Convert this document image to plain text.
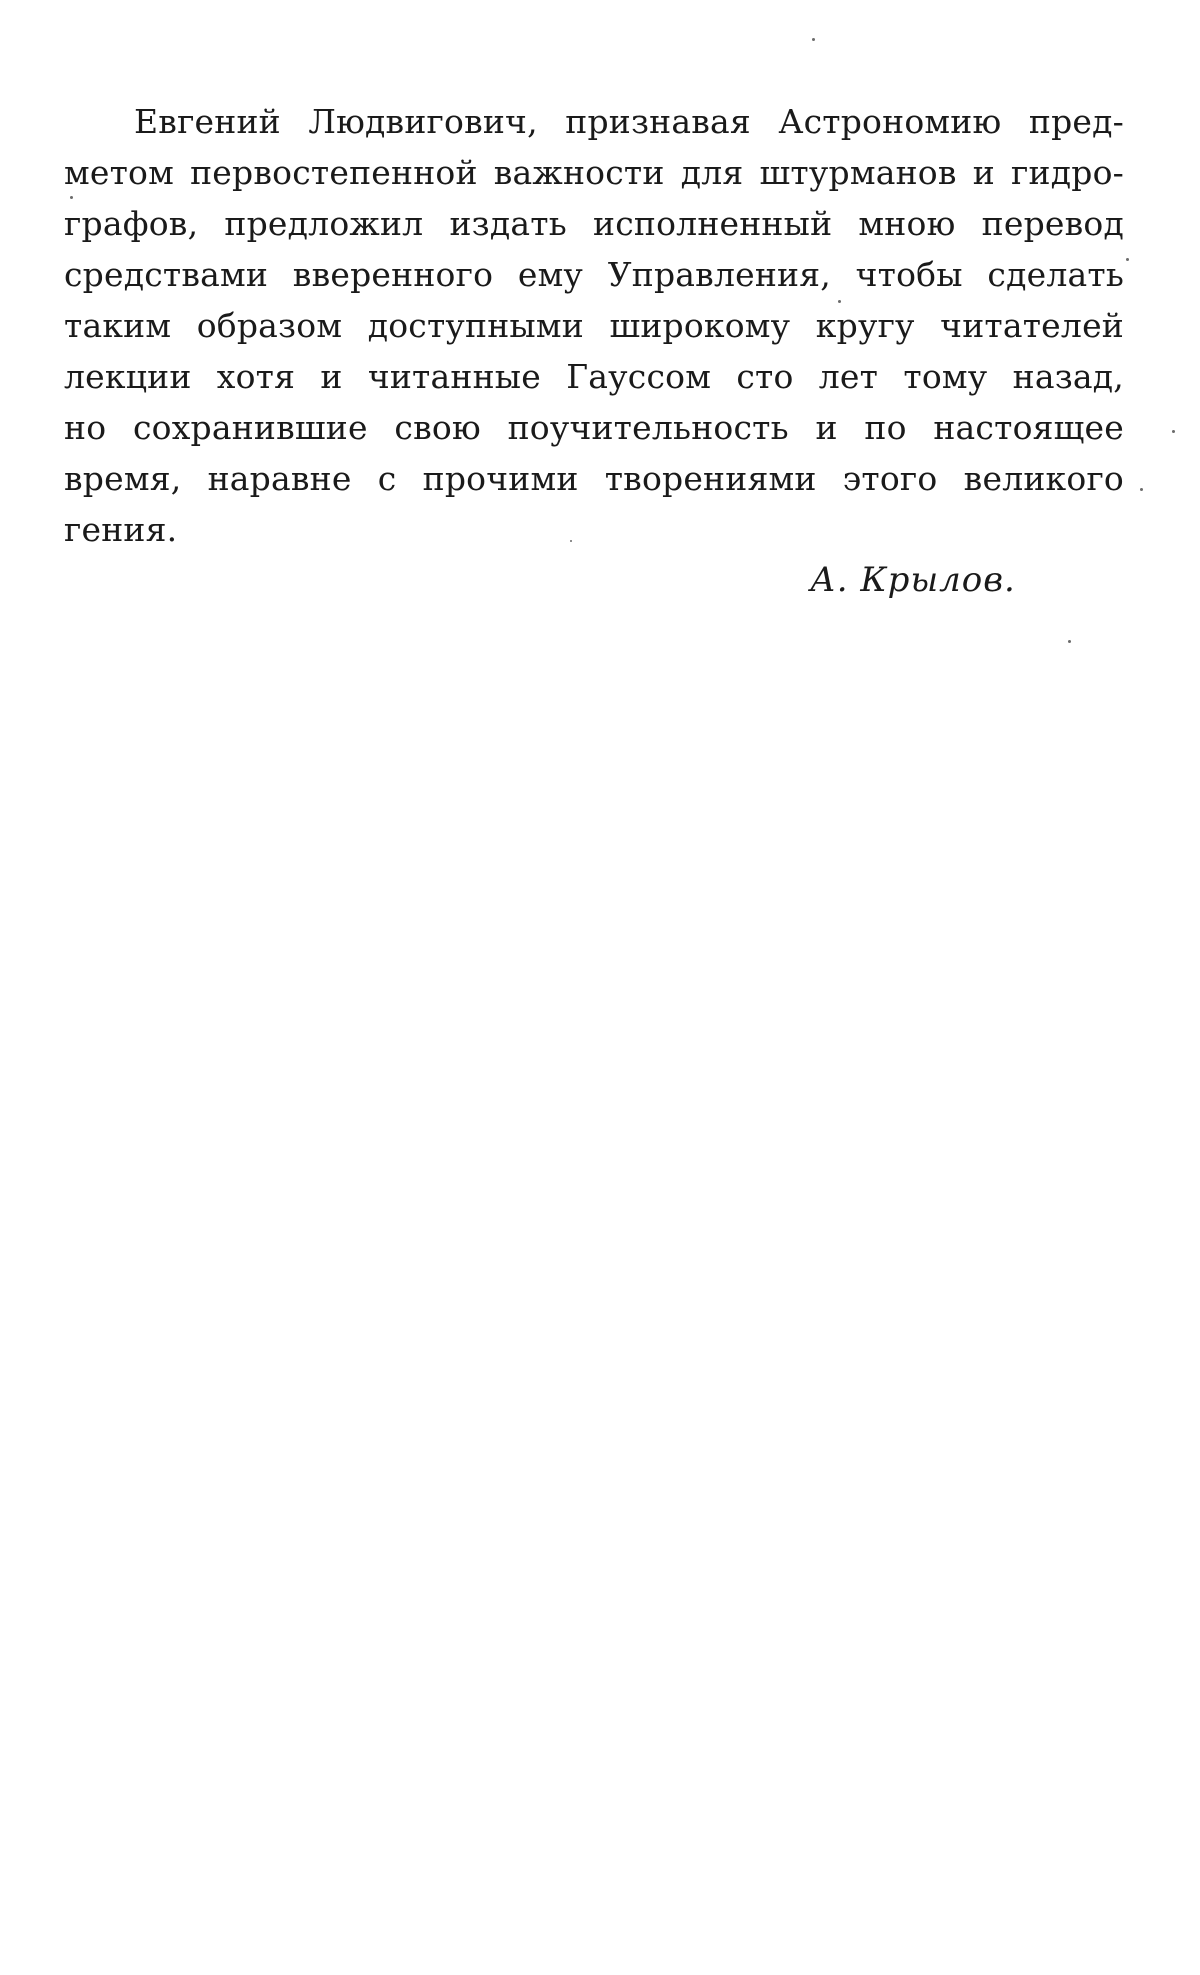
Евгений Людвигович, признавая Астрономию пред-
метом первостепенной важности для штурманов и гидро-
графов, предложил издать исполненный мною перевод
средствами вверенного ему Управления, чтобы сделать
таким образом доступными широкому кругу читателей
лекции хотя и читанные Гауссом сто лет тому назад,
но сохранившие свою поучительность и по настоящее
время, наравне с прочими творениями этого великого
гения.
А. Крылов.
